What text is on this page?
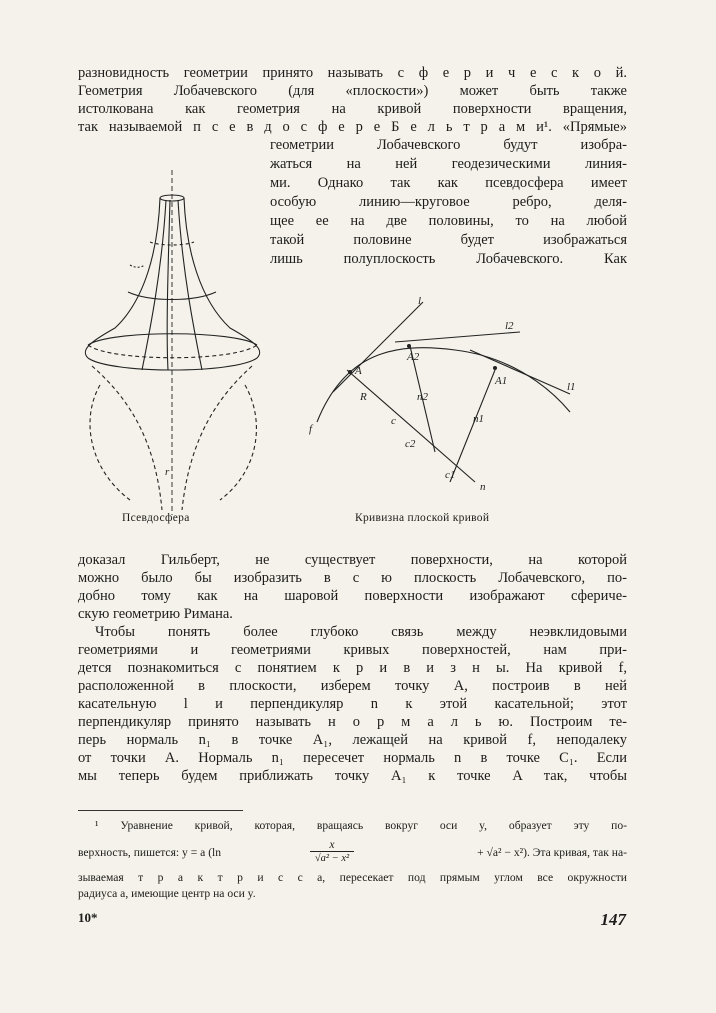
разновидность геометрии принято называть с ф е р и ч е с к о й.
Геометрия Лобачевского (для «плоскости») может быть также
истолкована как геометрия на кривой поверхности вращения,
так называемой п с е в д о с ф е р е Б е л ь т р а м и¹. «Прямые»
геометрии Лобачевского будут изобра-
жаться на ней геодезическими линия-
ми. Однако так как псевдосфера имеет
особую линию—круговое ребро, деля-
щее ее на две половины, то на любой
такой половине будет изображаться
лишь полуплоскость Лобачевского. Как
r
Псевдосфера
l
l2
A2
A
A1	l1
R	n2
c	n1
c2
c1
n
f
Кривизна плоской кривой
доказал Гильберт, не существует поверхности, на которой
можно было бы изобразить в с ю плоскость Лобачевского, по-
добно тому как на шаровой поверхности изображают сфериче-
скую геометрию Римана.
Чтобы понять более глубоко связь между неэвклидовыми
геометриями и геометриями кривых поверхностей, нам при-
дется познакомиться с понятием к р и в и з н ы. На кривой f,
расположенной в плоскости, изберем точку A, построив в ней
касательную l и перпендикуляр n к этой касательной; этот
перпендикуляр принято называть н о р м а л ь ю. Построим те-
перь нормаль n₁ в точке A₁, лежащей на кривой f, неподалеку
от точки A. Нормаль n₁ пересечет нормаль n в точке C₁. Если
мы теперь будем приближать точку A₁ к точке A так, чтобы
¹ Уравнение кривой, которая, вращаясь вокруг оси y, образует эту по-
верхность, пишется: y = a (ln	$\frac{x}{\text{√a² − x²}}$	+ √a² − x²). Эта кривая, так на-
зываемая т р а к т р и с с а, пересекает под прямым углом все окружности
радиуса a, имеющие центр на оси y.
10*	147
